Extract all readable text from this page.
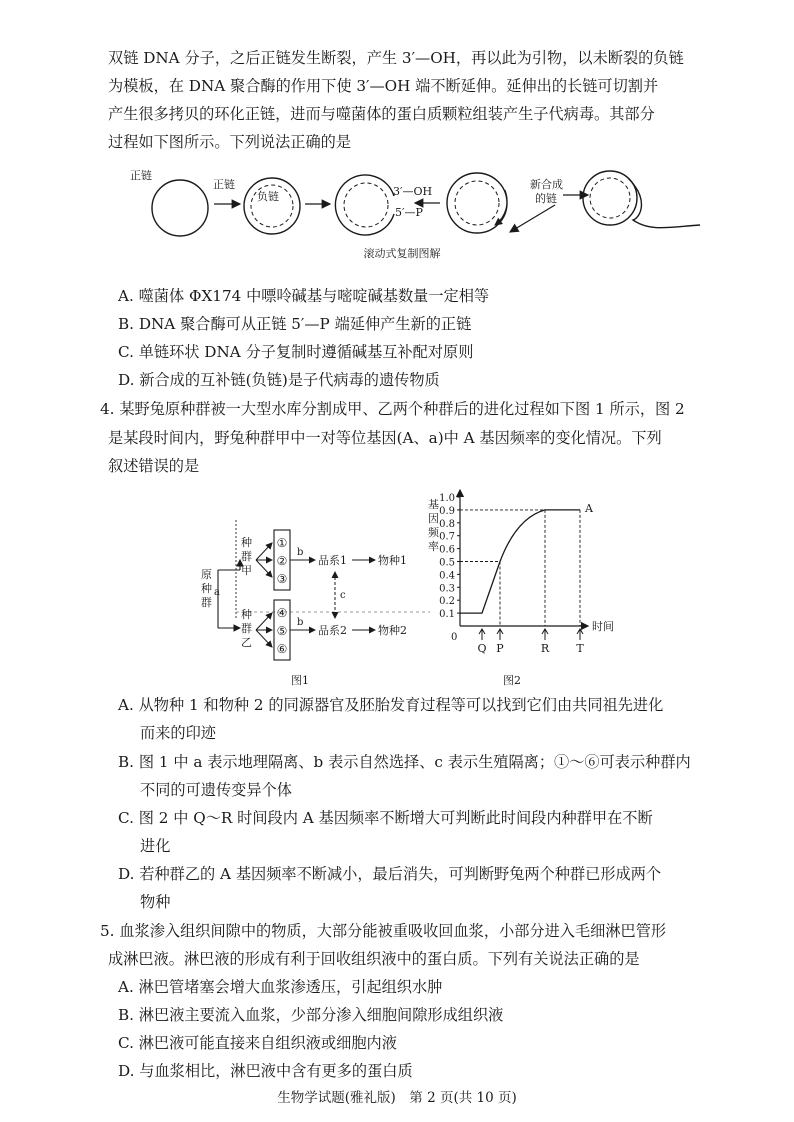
双链 DNA 分子，之后正链发生断裂，产生 3′—OH，再以此为引物，以未断裂的负链
为模板，在 DNA 聚合酶的作用下使 3′—OH 端不断延伸。延伸出的长链可切割并
产生很多拷贝的环化正链，进而与噬菌体的蛋白质颗粒组装产生子代病毒。其部分
过程如下图所示。下列说法正确的是
正链
正链
负链	3′—OH
5′—P
新合成
的链
滚动式复制图解
A. 噬菌体 ΦX174 中嘌呤碱基与嘧啶碱基数量一定相等
B. DNA 聚合酶可从正链 5′—P 端延伸产生新的正链
C. 单链环状 DNA 分子复制时遵循碱基互补配对原则
D. 新合成的互补链(负链)是子代病毒的遗传物质
4. 某野兔原种群被一大型水库分割成甲、乙两个种群后的进化过程如下图 1 所示，图 2
是某段时间内，野兔种群甲中一对等位基因(A、a)中 A 基因频率的变化情况。下列
叙述错误的是
原
种
群
a
种
群
甲
种
群
乙
①
②
③
④
⑤
⑥
b
b
品系1
品系2
物种1
物种2
c
图1
基
因
频
率
时间
0
A
图2
1.0
0.9
0.8
0.7
0.6
0.5
0.4
0.3
0.2
0.1
Q P	R T
A. 从物种 1 和物种 2 的同源器官及胚胎发育过程等可以找到它们由共同祖先进化
而来的印迹
B. 图 1 中 a 表示地理隔离、b 表示自然选择、c 表示生殖隔离；①～⑥可表示种群内
不同的可遗传变异个体
C. 图 2 中 Q～R 时间段内 A 基因频率不断增大可判断此时间段内种群甲在不断
进化
D. 若种群乙的 A 基因频率不断减小，最后消失，可判断野兔两个种群已形成两个
物种
5. 血浆渗入组织间隙中的物质，大部分能被重吸收回血浆，小部分进入毛细淋巴管形
成淋巴液。淋巴液的形成有利于回收组织液中的蛋白质。下列有关说法正确的是
A. 淋巴管堵塞会增大血浆渗透压，引起组织水肿
B. 淋巴液主要流入血浆，少部分渗入细胞间隙形成组织液
C. 淋巴液可能直接来自组织液或细胞内液
D. 与血浆相比，淋巴液中含有更多的蛋白质
生物学试题(雅礼版)　第 2 页(共 10 页)
